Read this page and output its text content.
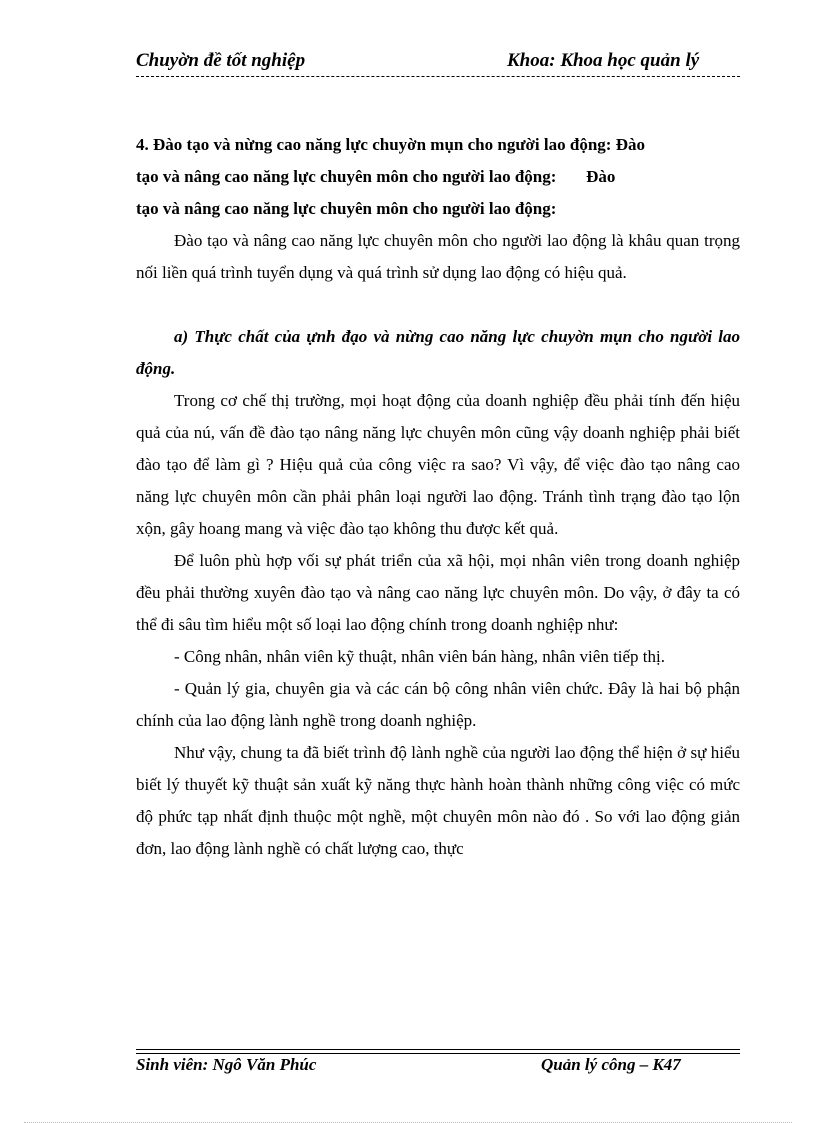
Chuyờn đề tốt nghiệp	Khoa: Khoa học quản lý

4. Đào tạo và nừng cao năng lực chuyờn mụn cho người lao động: Đào
tạo và nâng cao năng lực chuyên môn cho người lao động:       Đào
tạo và nâng cao năng lực chuyên môn cho người lao động:

Đào tạo và nâng cao năng lực chuyên môn cho người lao động là khâu quan trọng nối liền quá trình tuyển dụng và quá trình sử dụng lao động có hiệu quả.

a) Thực chất của ựnh đạo và nừng cao năng lực chuyờn mụn cho người lao động.

Trong cơ chế thị trường, mọi hoạt động của doanh nghiệp đều phải tính đến hiệu quả của nú, vấn đề đào tạo nâng năng lực chuyên môn cũng vậy doanh nghiệp phải biết đào tạo để làm gì ? Hiệu quả của công việc ra sao? Vì vậy, để việc đào tạo nâng cao năng lực chuyên môn cần phải phân loại người lao động. Tránh tình trạng đào tạo lộn xộn, gây hoang mang và việc đào tạo không thu được kết quả.

Để luôn phù hợp vối sự phát triển của xã hội, mọi nhân viên trong doanh nghiệp đều phải thường xuyên đào tạo và nâng cao năng lực chuyên môn. Do vậy, ở đây ta có thể đi sâu tìm hiểu một số loại lao động chính trong doanh nghiệp như:

- Công nhân, nhân viên kỹ thuật, nhân viên bán hàng, nhân viên tiếp thị.

- Quản lý gia, chuyên gia và các cán bộ công nhân viên chức. Đây là hai bộ phận chính của lao động lành nghề trong doanh nghiệp.

Như vậy, chung ta đã biết trình độ lành nghề của người lao động thể hiện ở sự hiểu biết lý thuyết kỹ thuật sản xuất kỹ năng thực hành hoàn thành những công việc có mức độ phức tạp nhất định thuộc một nghề, một chuyên môn nào đó . So với lao động giản đơn, lao động lành nghề có chất lượng cao, thực

Sinh viên: Ngô Văn Phúc	Quản lý công – K47
